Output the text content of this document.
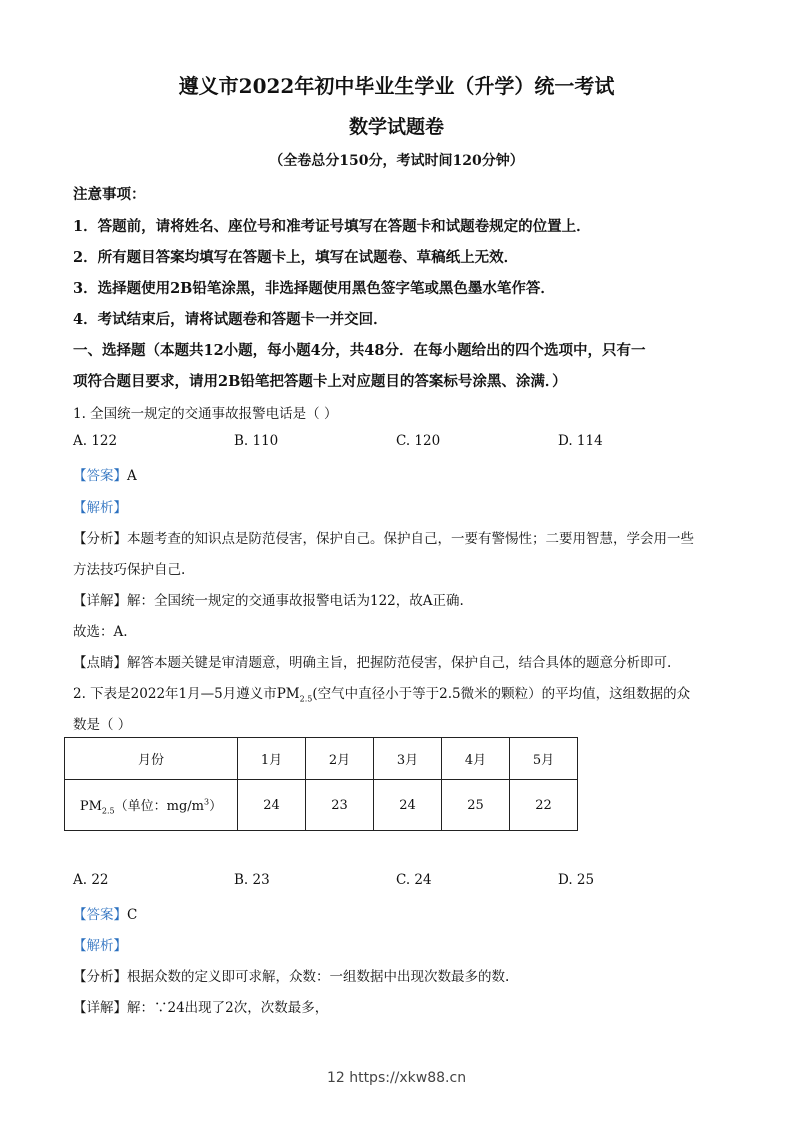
遵义市2022年初中毕业生学业（升学）统一考试
数学试题卷
（全卷总分150分，考试时间120分钟）
注意事项：
1．答题前，请将姓名、座位号和准考证号填写在答题卡和试题卷规定的位置上．
2．所有题目答案均填写在答题卡上，填写在试题卷、草稿纸上无效．
3．选择题使用2B铅笔涂黑，非选择题使用黑色签字笔或黑色墨水笔作答．
4．考试结束后，请将试题卷和答题卡一并交回．
一、选择题（本题共12小题，每小题4分，共48分．在每小题给出的四个选项中，只有一
项符合题目要求，请用2B铅笔把答题卡上对应题目的答案标号涂黑、涂满．）
1. 全国统一规定的交通事故报警电话是（ ）
A. 122	B. 110	C. 120	D. 114
【答案】A
【解析】
【分析】本题考查的知识点是防范侵害，保护自己。保护自己，一要有警惕性；二要用智慧，学会用一些
方法技巧保护自己.
【详解】解：全国统一规定的交通事故报警电话为122，故A正确.
故选：A.
【点睛】解答本题关键是审清题意，明确主旨，把握防范侵害，保护自己，结合具体的题意分析即可.
2. 下表是2022年1月—5月遵义市$PM_{2.5}$(空气中直径小于等于2.5微米的颗粒）的平均值，这组数据的众
数是（ ）
月份	1月	2月	3月	4月	5月
$PM_{2.5}$（单位：$mg/m^3$）	24	23	24	25	22
A. 22	B. 23	C. 24	D. 25
【答案】C
【解析】
【分析】根据众数的定义即可求解，众数：一组数据中出现次数最多的数.
【详解】解：∵24出现了2次，次数最多，
12 https://xkw88.cn
